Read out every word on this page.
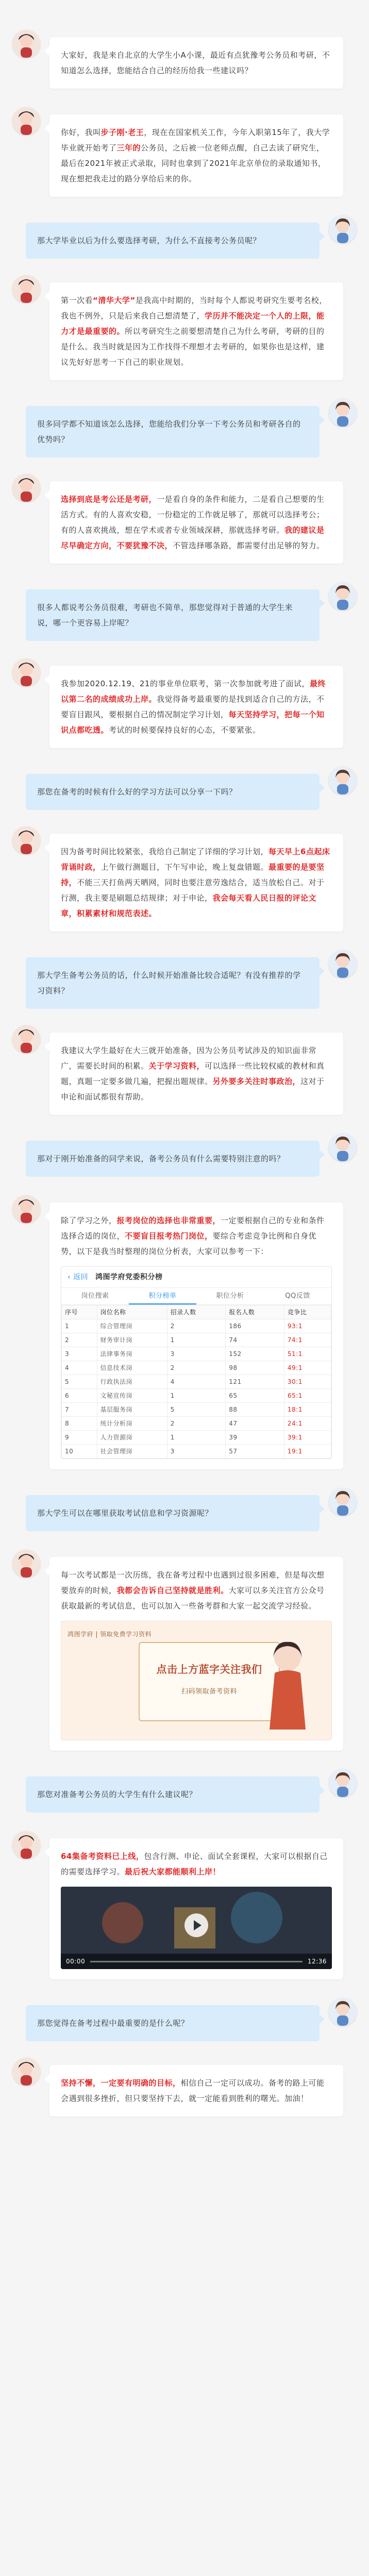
大家好，我是来自北京的大学生小A小课，最近有点犹豫考公务员和考研，不知道怎么选择，您能结合自己的经历给我一些建议吗？
你好，我叫步子刚·老王，现在在国家机关工作，今年入职第15年了，我大学毕业就开始考了三年的公务员，之后被一位老师点醒，自己去读了研究生，最后在2021年被正式录取，同时也拿到了2021年北京单位的录取通知书，现在想把我走过的路分享给后来的你。
那大学毕业以后为什么要选择考研，为什么不直接考公务员呢？
第一次看“清华大学”是我高中时期的，当时每个人都说考研究生要考名校，我也不例外，只是后来我自己想清楚了，学历并不能决定一个人的上限，能力才是最重要的。所以考研究生之前要想清楚自己为什么考研，考研的目的是什么。我当时就是因为工作找得不理想才去考研的，如果你也是这样，建议先好好思考一下自己的职业规划。
很多同学都不知道该怎么选择，您能给我们分享一下考公务员和考研各自的优势吗？
选择到底是考公还是考研，一是看自身的条件和能力，二是看自己想要的生活方式。有的人喜欢安稳，一份稳定的工作就足够了，那就可以选择考公；有的人喜欢挑战，想在学术或者专业领域深耕，那就选择考研。我的建议是尽早确定方向，不要犹豫不决，不管选择哪条路，都需要付出足够的努力。
很多人都说考公务员很难，考研也不简单，那您觉得对于普通的大学生来说，哪一个更容易上岸呢？
我参加2020.12.19、21的事业单位联考，第一次参加就考进了面试，最终以第二名的成绩成功上岸。我觉得备考最重要的是找到适合自己的方法，不要盲目跟风，要根据自己的情况制定学习计划，每天坚持学习，把每一个知识点都吃透。考试的时候要保持良好的心态，不要紧张。
那您在备考的时候有什么好的学习方法可以分享一下吗？
因为备考时间比较紧张，我给自己制定了详细的学习计划，每天早上6点起床背诵时政，上午做行测题目，下午写申论，晚上复盘错题。最重要的是要坚持，不能三天打鱼两天晒网，同时也要注意劳逸结合，适当放松自己。对于行测，我主要是刷题总结规律；对于申论，我会每天看人民日报的评论文章，积累素材和规范表述。
那大学生备考公务员的话，什么时候开始准备比较合适呢？有没有推荐的学习资料？
我建议大学生最好在大三就开始准备，因为公务员考试涉及的知识面非常广，需要长时间的积累。关于学习资料，可以选择一些比较权威的教材和真题，真题一定要多做几遍，把握出题规律。另外要多关注时事政治，这对于申论和面试都很有帮助。
那对于刚开始准备的同学来说，备考公务员有什么需要特别注意的吗？
除了学习之外，报考岗位的选择也非常重要，一定要根据自己的专业和条件选择合适的岗位，不要盲目报考热门岗位，要综合考虑竞争比例和自身优势，以下是我当时整理的岗位分析表，大家可以参考一下：
‹ 返回 鸿图学府党委积分榜
岗位搜索	积分榜单	职位分析	QQ反馈
序号	岗位名称	招录人数	报名人数	竞争比
1	综合管理岗	2	186	93:1
2	财务审计岗	1	74	74:1
3	法律事务岗	3	152	51:1
4	信息技术岗	2	98	49:1
5	行政执法岗	4	121	30:1
6	文秘宣传岗	1	65	65:1
7	基层服务岗	5	88	18:1
8	统计分析岗	2	47	24:1
9	人力资源岗	1	39	39:1
10	社会管理岗	3	57	19:1
那大学生可以在哪里获取考试信息和学习资源呢？
每一次考试都是一次历练，我在备考过程中也遇到过很多困难，但是每次想要放弃的时候，我都会告诉自己坚持就是胜利。大家可以多关注官方公众号获取最新的考试信息，也可以加入一些备考群和大家一起交流学习经验。
鸿图学府 | 领取免费学习资料
点击上方蓝字关注我们
扫码领取备考资料
那您对准备考公务员的大学生有什么建议呢？
64集备考资料已上线，包含行测、申论、面试全套课程，大家可以根据自己的需要选择学习。最后祝大家都能顺利上岸！
00:00	12:36
那您觉得在备考过程中最重要的是什么呢？
坚持不懈，一定要有明确的目标，相信自己一定可以成功。备考的路上可能会遇到很多挫折，但只要坚持下去，就一定能看到胜利的曙光。加油！
